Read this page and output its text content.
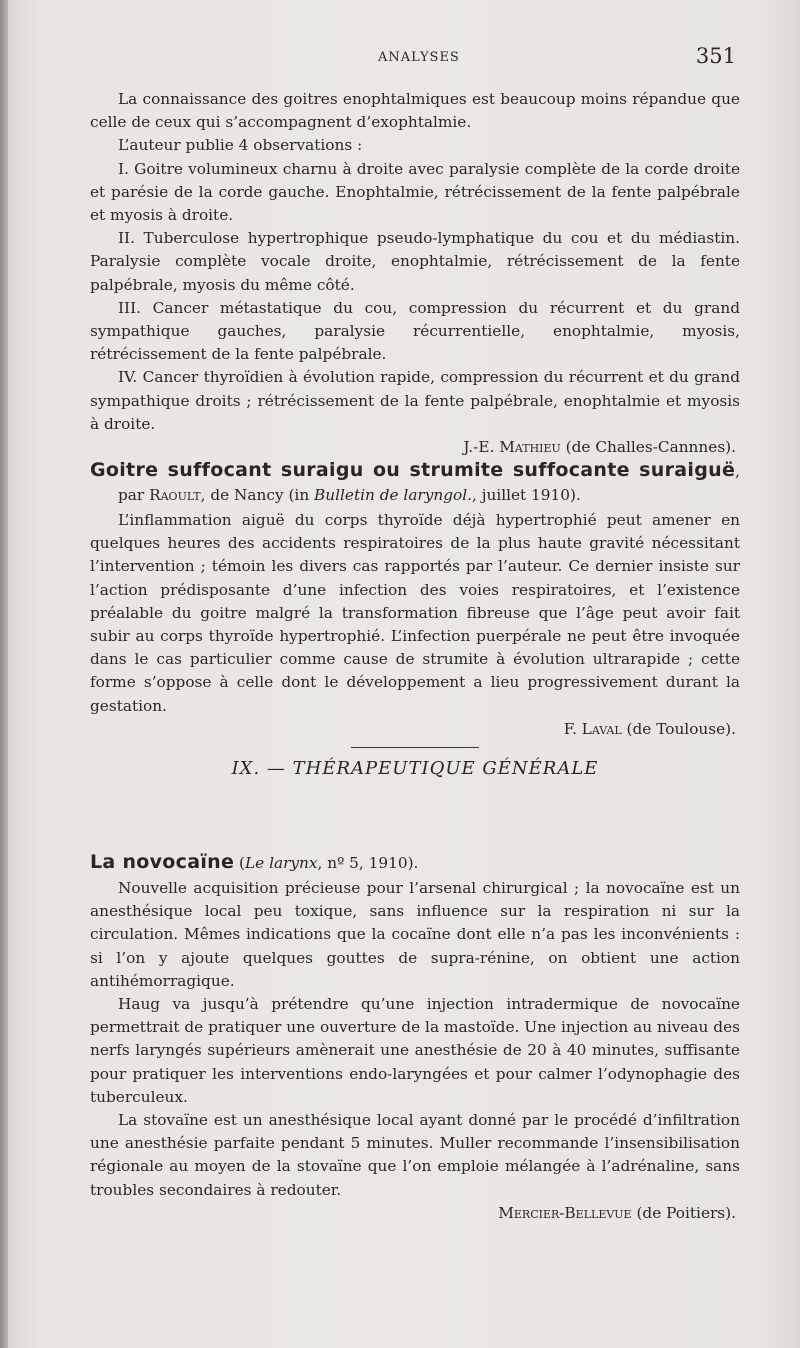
ANALYSES	351

La connaissance des goitres enophtalmiques est beaucoup moins répandue que celle de ceux qui s’accompagnent d’exophtalmie.

L’auteur publie 4 observations :

I. Goitre volumineux charnu à droite avec paralysie complète de la corde droite et parésie de la corde gauche. Enophtalmie, rétrécissement de la fente palpébrale et myosis à droite.

II. Tuberculose hypertrophique pseudo-lymphatique du cou et du médiastin. Paralysie complète vocale droite, enophtalmie, rétrécissement de la fente palpébrale, myosis du même côté.

III. Cancer métastatique du cou, compression du récurrent et du grand sympathique gauches, paralysie récurrentielle, enophtalmie, myosis, rétrécissement de la fente palpébrale.

IV. Cancer thyroïdien à évolution rapide, compression du récurrent et du grand sympathique droits ; rétrécissement de la fente palpébrale, enophtalmie et myosis à droite.

J.-E. Mathieu (de Challes-Cannnes).

Goitre suffocant suraigu ou strumite suffocante suraiguë, par Raoult, de Nancy (in Bulletin de laryngol., juillet 1910).

L’inflammation aiguë du corps thyroïde déjà hypertrophié peut amener en quelques heures des accidents respiratoires de la plus haute gravité nécessitant l’intervention ; témoin les divers cas rapportés par l’auteur. Ce dernier insiste sur l’action prédisposante d’une infection des voies respiratoires, et l’existence préalable du goitre malgré la transformation fibreuse que l’âge peut avoir fait subir au corps thyroïde hypertrophié. L’infection puerpérale ne peut être invoquée dans le cas particulier comme cause de strumite à évolution ultrarapide ; cette forme s’oppose à celle dont le développement a lieu progressivement durant la gestation.

F. Laval (de Toulouse).
IX. — THÉRAPEUTIQUE GÉNÉRALE

La novocaïne (Le larynx, nº 5, 1910).

Nouvelle acquisition précieuse pour l’arsenal chirurgical ; la novocaïne est un anesthésique local peu toxique, sans influence sur la respiration ni sur la circulation. Mêmes indications que la cocaïne dont elle n’a pas les inconvénients : si l’on y ajoute quelques gouttes de supra-rénine, on obtient une action antihémorragique.

Haug va jusqu’à prétendre qu’une injection intradermique de novocaïne permettrait de pratiquer une ouverture de la mastoïde. Une injection au niveau des nerfs laryngés supérieurs amènerait une anesthésie de 20 à 40 minutes, suffisante pour pratiquer les interventions endo-laryngées et pour calmer l’odynophagie des tuberculeux.

La stovaïne est un anesthésique local ayant donné par le procédé d’infiltration une anesthésie parfaite pendant 5 minutes. Muller recommande l’insensibilisation régionale au moyen de la stovaïne que l’on emploie mélangée à l’adrénaline, sans troubles secondaires à redouter.

Mercier-Bellevue (de Poitiers).
